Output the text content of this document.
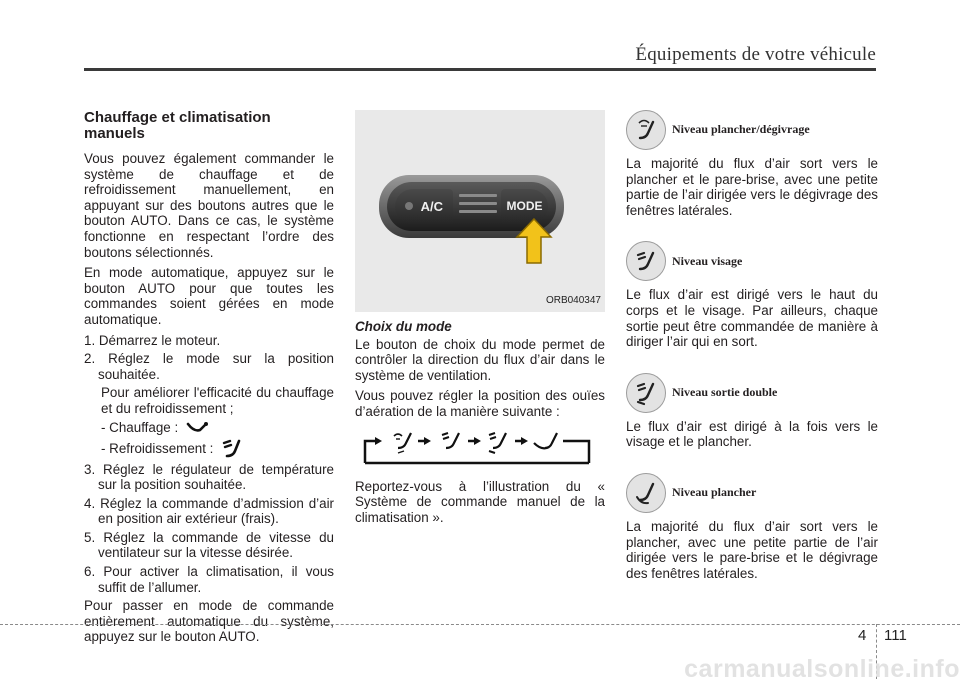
Équipements de votre véhicule
Chauffage et climatisation manuels

Vous pouvez également commander le système de chauffage et de refroidissement manuellement, en appuyant sur des boutons autres que le bouton AUTO. Dans ce cas, le système fonctionne en respectant l’ordre des boutons sélectionnés.

En mode automatique, appuyez sur le bouton AUTO pour que toutes les commandes soient gérées en mode automatique.

1. Démarrez le moteur.
2. Réglez le mode sur la position souhaitée.
Pour améliorer l'efficacité du chauffage et du refroidissement ;
- Chauffage :
- Refroidissement :
3. Réglez le régulateur de température sur la position souhaitée.
4. Réglez la commande d’admission d’air en position air extérieur (frais).
5. Réglez la commande de vitesse du ventilateur sur la vitesse désirée.
6. Pour activer la climatisation, il vous suffit de l’allumer.

Pour passer en mode de commande entièrement automatique du système, appuyez sur le bouton AUTO.

A/C	MODE
ORB040347
Choix du mode

Le bouton de choix du mode permet de contrôler la direction du flux d’air dans le système de ventilation.

Vous pouvez régler la position des ouïes d’aération de la manière suivante :

Reportez-vous à l’illustration du « Système de commande manuel de la climatisation ».

Niveau plancher/dégivrage

La majorité du flux d’air sort vers le plancher et le pare-brise, avec une petite partie de l’air dirigée vers le dégivrage des fenêtres latérales.

Niveau visage

Le flux d’air est dirigé vers le haut du corps et le visage. Par ailleurs, chaque sortie peut être commandée de manière à diriger l’air qui en sort.

Niveau sortie double

Le flux d’air est dirigé à la fois vers le visage et le plancher.

Niveau plancher

La majorité du flux d’air sort vers le plancher, avec une petite partie de l’air dirigée vers le pare-brise et le dégivrage des fenêtres latérales.

4 111
carmanualsonline.info
